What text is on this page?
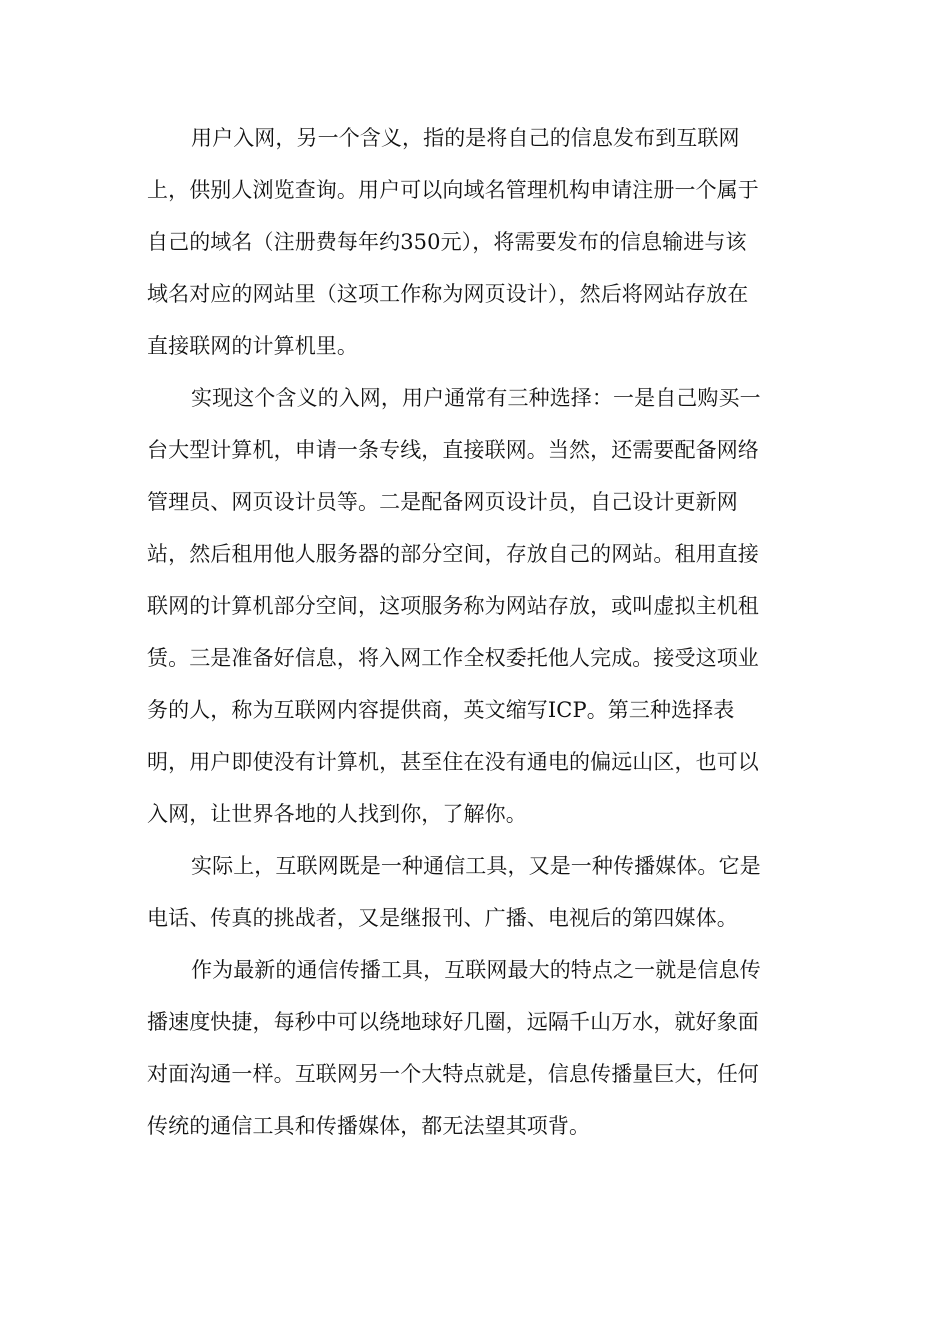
用户入网，另一个含义，指的是将自己的信息发布到互联网
上，供别人浏览查询。用户可以向域名管理机构申请注册一个属于
自己的域名（注册费每年约350元），将需要发布的信息输进与该
域名对应的网站里（这项工作称为网页设计），然后将网站存放在
直接联网的计算机里。
实现这个含义的入网，用户通常有三种选择：一是自己购买一
台大型计算机，申请一条专线，直接联网。当然，还需要配备网络
管理员、网页设计员等。二是配备网页设计员，自己设计更新网
站，然后租用他人服务器的部分空间，存放自己的网站。租用直接
联网的计算机部分空间，这项服务称为网站存放，或叫虚拟主机租
赁。三是准备好信息，将入网工作全权委托他人完成。接受这项业
务的人，称为互联网内容提供商，英文缩写ICP。第三种选择表
明，用户即使没有计算机，甚至住在没有通电的偏远山区，也可以
入网，让世界各地的人找到你，了解你。
实际上，互联网既是一种通信工具，又是一种传播媒体。它是
电话、传真的挑战者，又是继报刊、广播、电视后的第四媒体。
作为最新的通信传播工具，互联网最大的特点之一就是信息传
播速度快捷，每秒中可以绕地球好几圈，远隔千山万水，就好象面
对面沟通一样。互联网另一个大特点就是，信息传播量巨大，任何
传统的通信工具和传播媒体，都无法望其项背。
